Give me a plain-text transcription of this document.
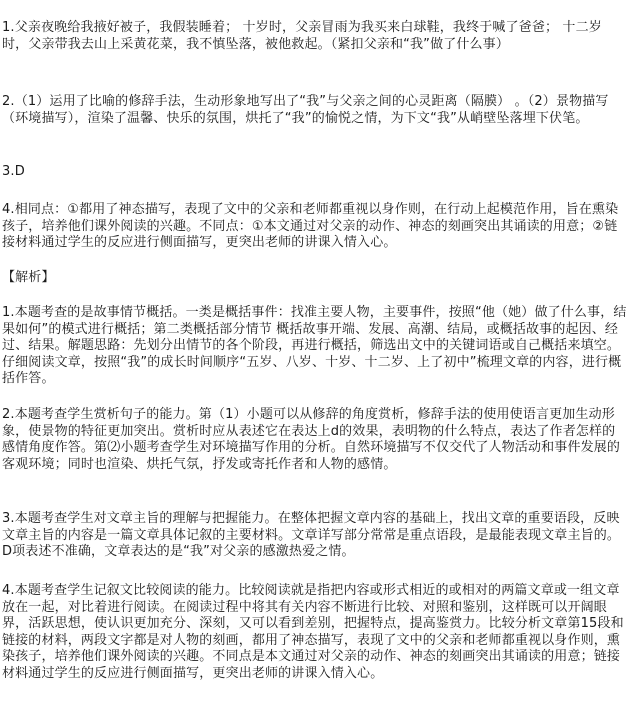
1.父亲夜晚给我掖好被子，我假装睡着； 十岁时，父亲冒雨为我买来白球鞋，我终于喊了爸爸； 十二岁时，父亲带我去山上采黄花菜，我不慎坠落，被他救起。（紧扣父亲和“我”做了什么事）

2.（1）运用了比喻的修辞手法，生动形象地写出了“我”与父亲之间的心灵距离（隔膜） 。（2）景物描写（环境描写），渲染了温馨、快乐的氛围，烘托了“我”的愉悦之情，为下文“我”从峭壁坠落埋下伏笔。

3.D

4.相同点：①都用了神态描写，表现了文中的父亲和老师都重视以身作则，在行动上起模范作用，旨在熏染孩子，培养他们课外阅读的兴趣。不同点：①本文通过对父亲的动作、神态的刻画突出其诵读的用意；②链接材料通过学生的反应进行侧面描写，更突出老师的讲课入情入心。

【解析】

1.本题考查的是故事情节概括。一类是概括事件：找准主要人物，主要事件，按照“他（她）做了什么事，结果如何”的模式进行概括；第二类概括部分情节 概括故事开端、发展、高潮、结局，或概括故事的起因、经过、结果。解题思路：先划分出情节的各个阶段，再进行概括，筛选出文中的关键词语或自己概括来填空。仔细阅读文章，按照“我”的成长时间顺序“五岁、八岁、十岁、十二岁、上了初中”梳理文章的内容，进行概括作答。

2.本题考查学生赏析句子的能力。第（1）小题可以从修辞的角度赏析，修辞手法的使用使语言更加生动形象，使景物的特征更加突出。赏析时应从表述它在表达上d的效果，表明物的什么特点，表达了作者怎样的感情角度作答。第⑵小题考查学生对环境描写作用的分析。自然环境描写不仅交代了人物活动和事件发展的客观环境；同时也渲染、烘托气氛，抒发或寄托作者和人物的感情。

3.本题考查学生对文章主旨的理解与把握能力。在整体把握文章内容的基础上，找出文章的重要语段，反映文章主旨的内容是一篇文章具体记叙的主要材料。文章详写部分常常是重点语段，是最能表现文章主旨的。D项表述不准确，文章表达的是“我”对父亲的感激热爱之情。

4.本题考查学生记叙文比较阅读的能力。比较阅读就是指把内容或形式相近的或相对的两篇文章或一组文章放在一起，对比着进行阅读。在阅读过程中将其有关内容不断进行比较、对照和鉴别，这样既可以开阔眼界，活跃思想，使认识更加充分、深刻，又可以看到差别，把握特点，提高鉴赏力。比较分析文章第15段和链接的材料，两段文字都是对人物的刻画，都用了神态描写，表现了文中的父亲和老师都重视以身作则，熏染孩子，培养他们课外阅读的兴趣。不同点是本文通过对父亲的动作、神态的刻画突出其诵读的用意；链接材料通过学生的反应进行侧面描写，更突出老师的讲课入情入心。
